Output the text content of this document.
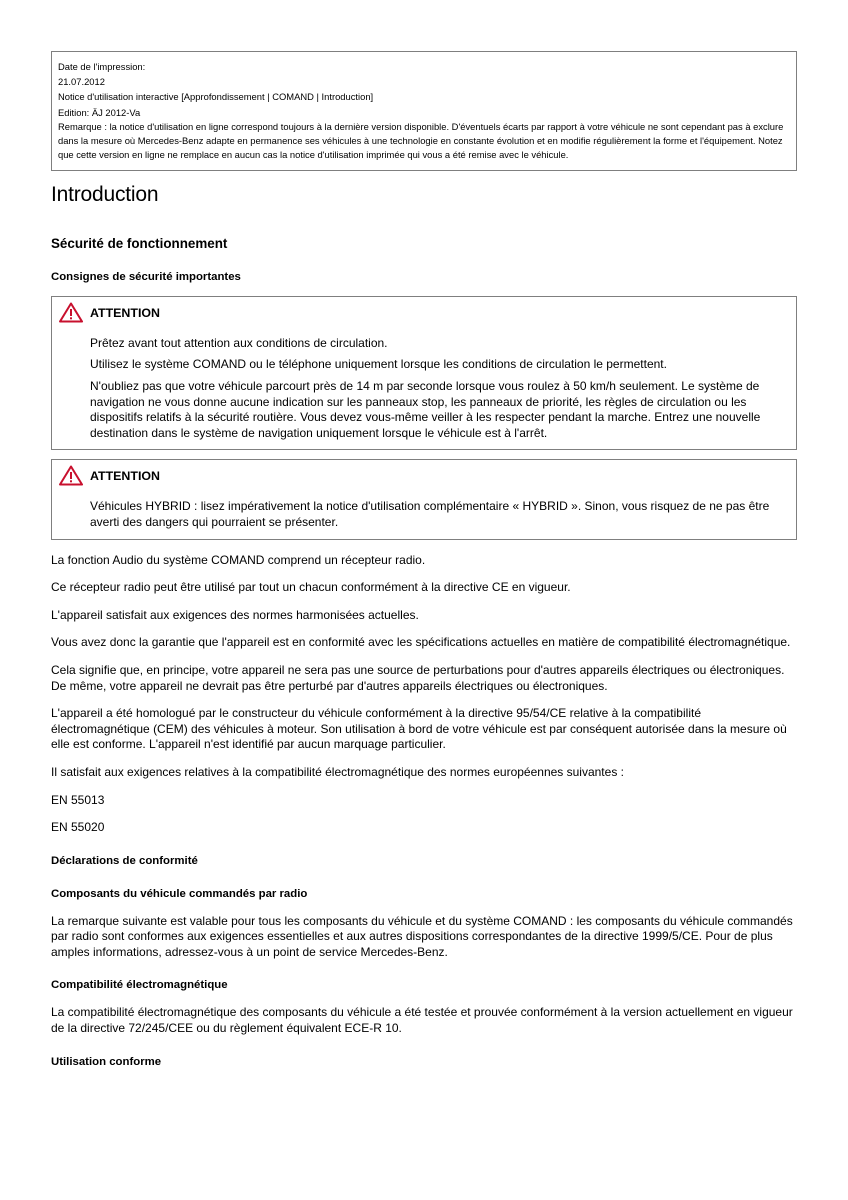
Date de l'impression:
21.07.2012
Notice d'utilisation interactive [Approfondissement | COMAND | Introduction]
Edition: ÄJ 2012-Va
Remarque : la notice d'utilisation en ligne correspond toujours à la dernière version disponible. D'éventuels écarts par rapport à votre véhicule ne sont cependant pas à exclure dans la mesure où Mercedes-Benz adapte en permanence ses véhicules à une technologie en constante évolution et en modifie régulièrement la forme et l'équipement. Notez que cette version en ligne ne remplace en aucun cas la notice d'utilisation imprimée qui vous a été remise avec le véhicule.
Introduction
Sécurité de fonctionnement
Consignes de sécurité importantes
ATTENTION

Prêtez avant tout attention aux conditions de circulation.

Utilisez le système COMAND ou le téléphone uniquement lorsque les conditions de circulation le permettent.

N'oubliez pas que votre véhicule parcourt près de 14 m par seconde lorsque vous roulez à 50 km/h seulement. Le système de navigation ne vous donne aucune indication sur les panneaux stop, les panneaux de priorité, les règles de circulation ou les dispositifs relatifs à la sécurité routière. Vous devez vous-même veiller à les respecter pendant la marche. Entrez une nouvelle destination dans le système de navigation uniquement lorsque le véhicule est à l'arrêt.

ATTENTION

Véhicules HYBRID : lisez impérativement la notice d'utilisation complémentaire « HYBRID ». Sinon, vous risquez de ne pas être averti des dangers qui pourraient se présenter.

La fonction Audio du système COMAND comprend un récepteur radio.

Ce récepteur radio peut être utilisé par tout un chacun conformément à la directive CE en vigueur.

L'appareil satisfait aux exigences des normes harmonisées actuelles.

Vous avez donc la garantie que l'appareil est en conformité avec les spécifications actuelles en matière de compatibilité électromagnétique.

Cela signifie que, en principe, votre appareil ne sera pas une source de perturbations pour d'autres appareils électriques ou électroniques. De même, votre appareil ne devrait pas être perturbé par d'autres appareils électriques ou électroniques.

L'appareil a été homologué par le constructeur du véhicule conformément à la directive 95/54/CE relative à la compatibilité électromagnétique (CEM) des véhicules à moteur. Son utilisation à bord de votre véhicule est par conséquent autorisée dans la mesure où elle est conforme. L'appareil n'est identifié par aucun marquage particulier.

Il satisfait aux exigences relatives à la compatibilité électromagnétique des normes européennes suivantes :

EN 55013

EN 55020

Déclarations de conformité
Composants du véhicule commandés par radio

La remarque suivante est valable pour tous les composants du véhicule et du système COMAND : les composants du véhicule commandés par radio sont conformes aux exigences essentielles et aux autres dispositions correspondantes de la directive 1999/5/CE. Pour de plus amples informations, adressez-vous à un point de service Mercedes-Benz.

Compatibilité électromagnétique

La compatibilité électromagnétique des composants du véhicule a été testée et prouvée conformément à la version actuellement en vigueur de la directive 72/245/CEE ou du règlement équivalent ECE-R 10.

Utilisation conforme
